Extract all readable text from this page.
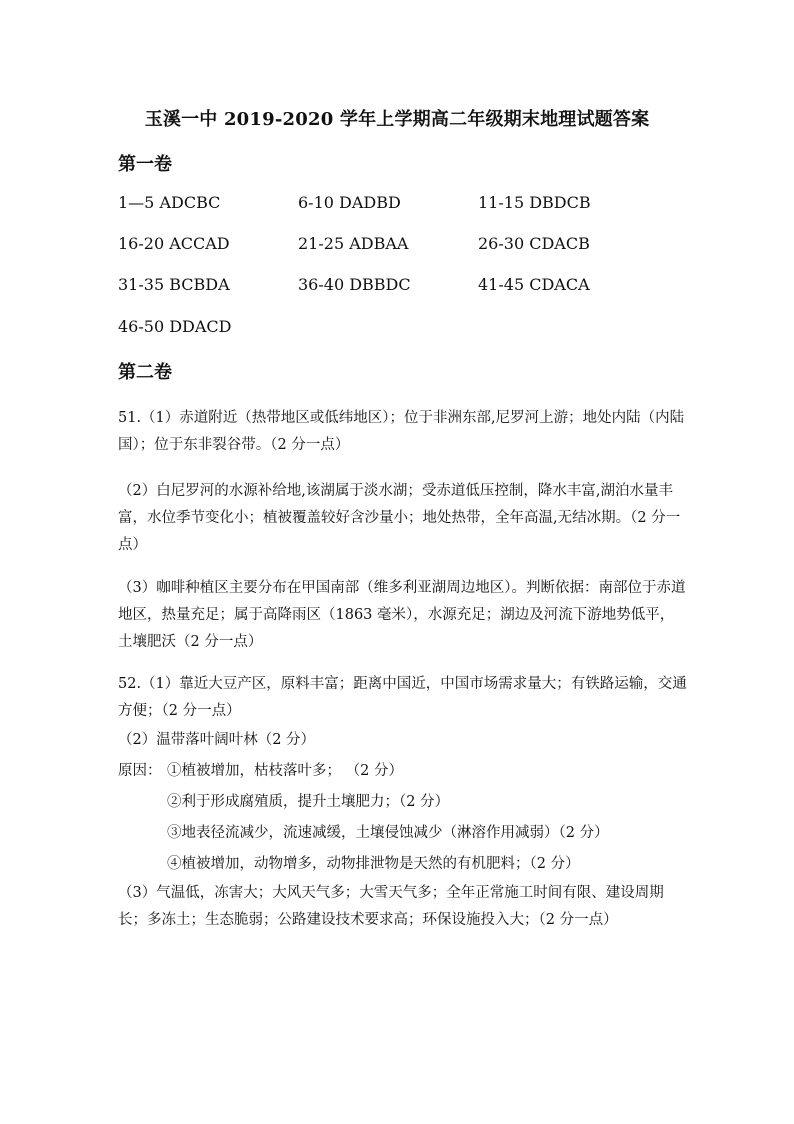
玉溪一中 2019-2020 学年上学期高二年级期末地理试题答案
第一卷
1—5 ADCBC	6-10 DADBD	11-15 DBDCB
16-20 ACCAD	21-25 ADBAA	26-30 CDACB
31-35 BCBDA	36-40 DBBDC	41-45 CDACA
46-50 DDACD
第二卷
51.（1）赤道附近（热带地区或低纬地区）；位于非洲东部,尼罗河上游；地处内陆（内陆国）；位于东非裂谷带。（2 分一点）
（2）白尼罗河的水源补给地,该湖属于淡水湖；受赤道低压控制，降水丰富,湖泊水量丰富，水位季节变化小；植被覆盖较好含沙量小；地处热带，全年高温,无结冰期。（2 分一点）
（3）咖啡种植区主要分布在甲国南部（维多利亚湖周边地区）。判断依据：南部位于赤道地区，热量充足；属于高降雨区（1863 毫米），水源充足；湖边及河流下游地势低平，土壤肥沃（2 分一点）
52.（1）靠近大豆产区，原料丰富；距离中国近，中国市场需求量大；有铁路运输，交通方便；（2 分一点）
（2）温带落叶阔叶林（2 分）
原因： ①植被增加，枯枝落叶多； （2 分）
②利于形成腐殖质，提升土壤肥力；（2 分）
③地表径流减少，流速减缓，土壤侵蚀减少（淋溶作用减弱）（2 分）
④植被增加，动物增多，动物排泄物是天然的有机肥料；（2 分）
（3）气温低，冻害大；大风天气多；大雪天气多；全年正常施工时间有限、建设周期长；多冻土；生态脆弱；公路建设技术要求高；环保设施投入大；（2 分一点）
